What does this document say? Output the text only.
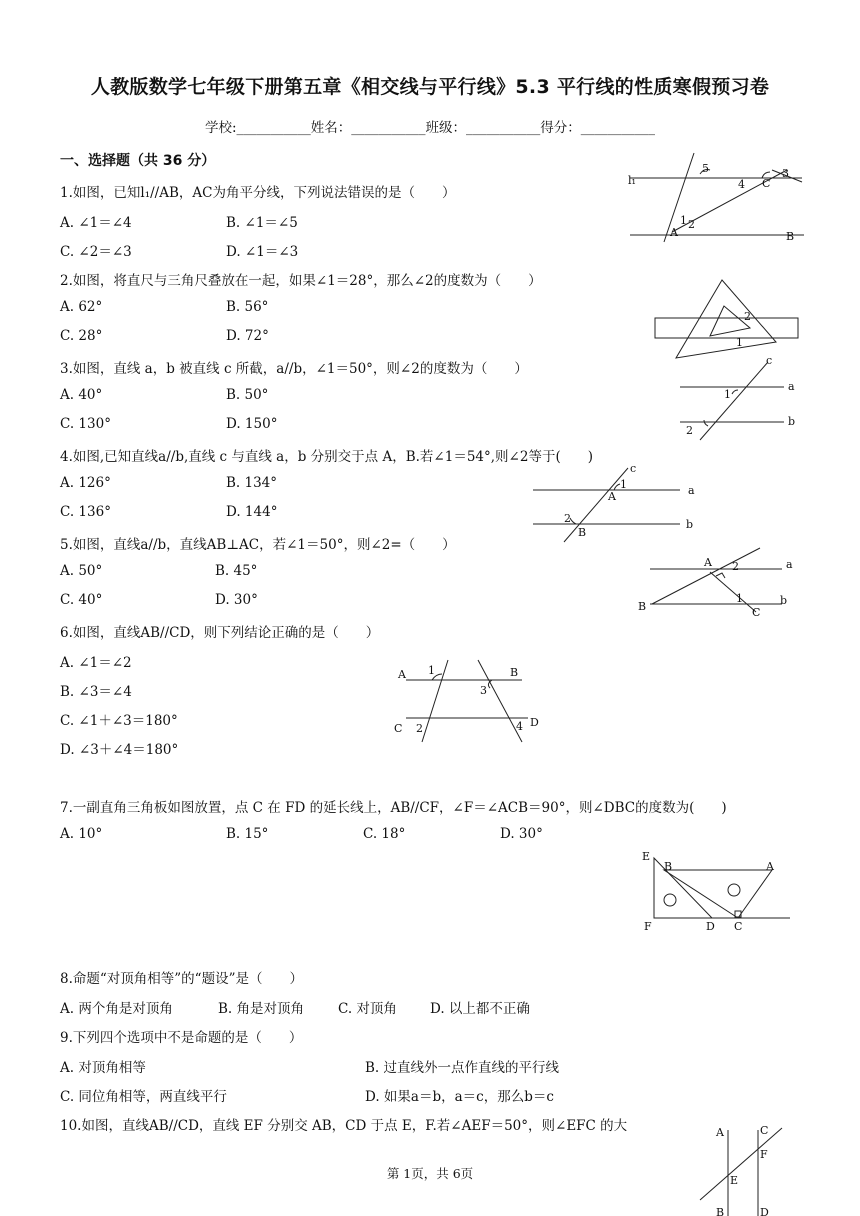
人教版数学七年级下册第五章《相交线与平行线》5.3 平行线的性质寒假预习卷
学校:___________姓名：___________班级：___________得分：___________
一、选择题（共 36 分）
1.如图，已知l₁//AB，AC为角平分线，下列说法错误的是（　　）
A. ∠1＝∠4	B. ∠1＝∠5
C. ∠2＝∠3	D. ∠1＝∠3
2.如图，将直尺与三角尺叠放在一起，如果∠1＝28°，那么∠2的度数为（　　）
A. 62°	B. 56°
C. 28°	D. 72°
3.如图，直线 a，b 被直线 c 所截，a//b，∠1＝50°，则∠2的度数为（　　）
A. 40°	B. 50°
C. 130°	D. 150°
4.如图,已知直线a//b,直线 c 与直线 a，b 分别交于点 A，B.若∠1＝54°,则∠2等于(　　)
A. 126°	B. 134°
C. 136°	D. 144°
5.如图，直线a//b，直线AB⊥AC，若∠1＝50°，则∠2=（　　）
A. 50°	B. 45°
C. 40°	D. 30°
6.如图，直线AB//CD，则下列结论正确的是（　　）
A. ∠1＝∠2
B. ∠3＝∠4
C. ∠1＋∠3＝180°
D. ∠3＋∠4＝180°
7.一副直角三角板如图放置，点 C 在 FD 的延长线上，AB//CF，∠F＝∠ACB＝90°，则∠DBC的度数为(　　)
A. 10°	B. 15°	C. 18°	D. 30°
8.命题“对顶角相等”的“题设”是（　　）
A. 两个角是对顶角	B. 角是对顶角	C. 对顶角 D. 以上都不正确
9.下列四个选项中不是命题的是（　　）
A. 对顶角相等	B. 过直线外一点作直线的平行线
C. 同位角相等，两直线平行	D. 如果a＝b，a＝c，那么b＝c
10.如图，直线AB//CD，直线 EF 分别交 AB，CD 于点 E，F.若∠AEF＝50°，则∠EFC 的大
l₁
5
4 C
3
1 2
A	B
2
1
c
a
1
2
b
c
1
A	a
2
B
b
A 2	a
B
1
C
b
A 1	B
3
C 2	D
4
E
B	A
F	D C
A	C
F
E
B	D
第 1页，共 6页
